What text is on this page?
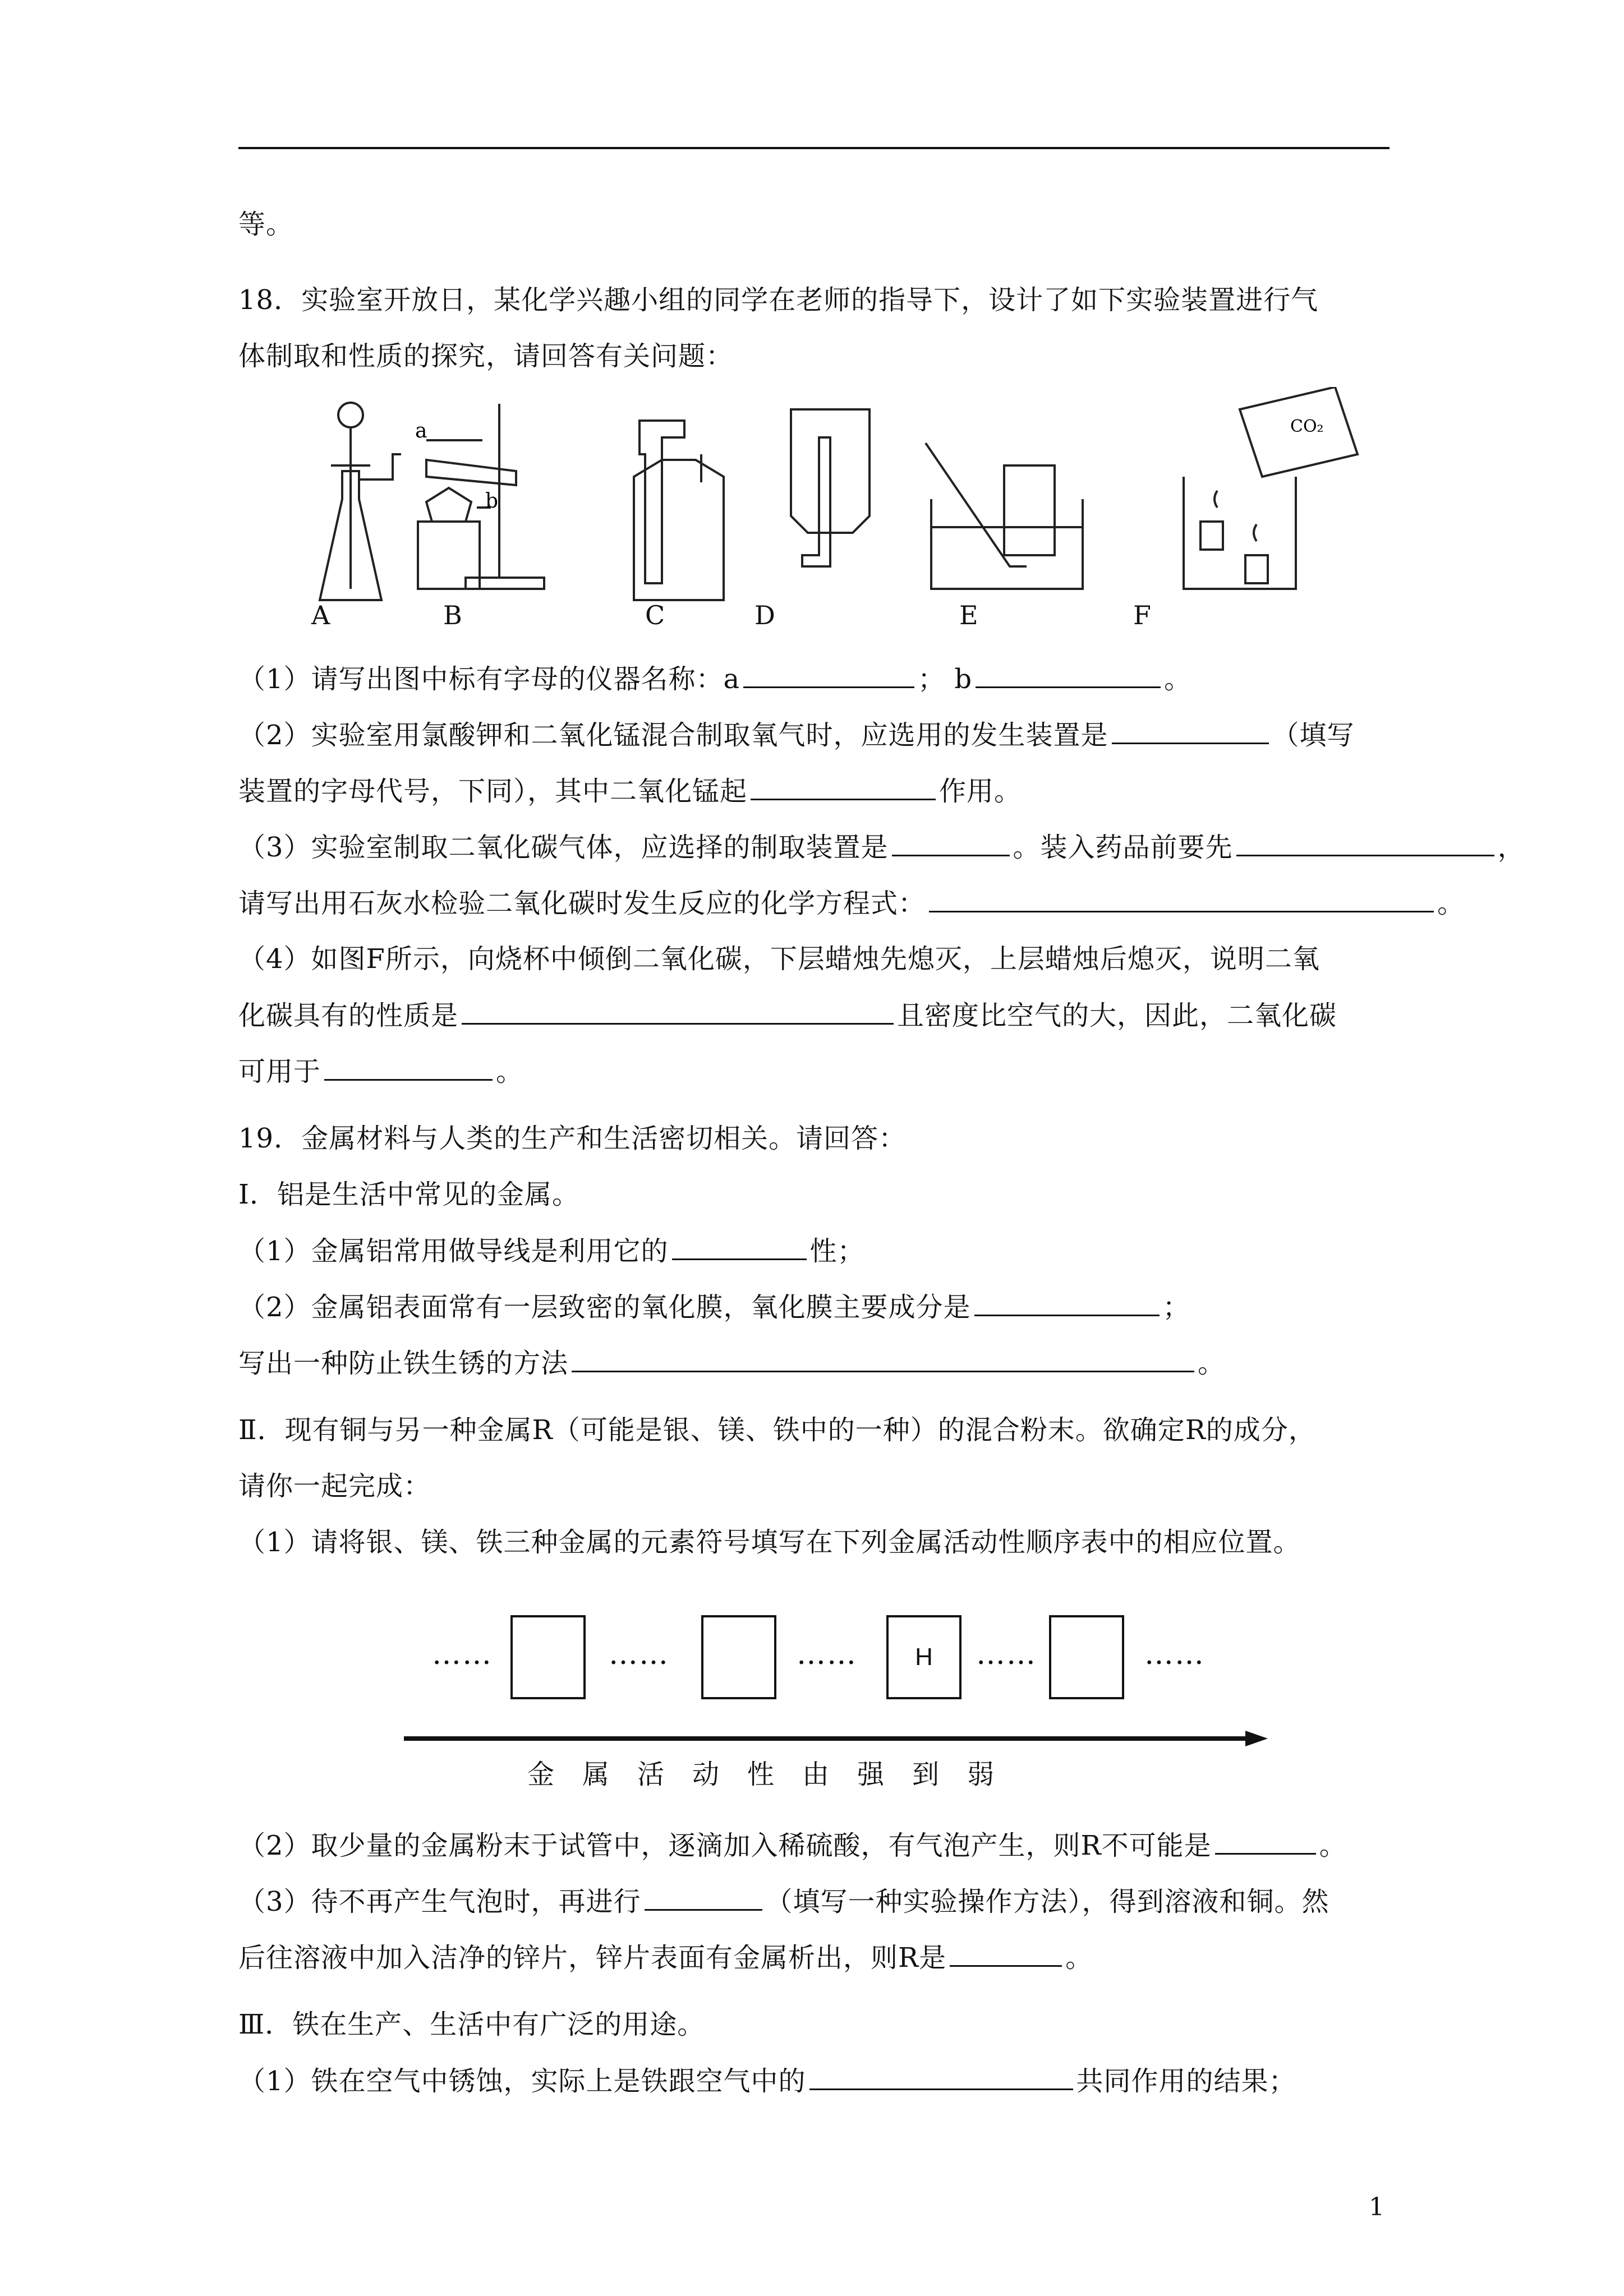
等。
18．实验室开放日，某化学兴趣小组的同学在老师的指导下，设计了如下实验装置进行气
体制取和性质的探究，请回答有关问题：
a
b
CO₂
A	B	C	D	E	F
（1）请写出图中标有字母的仪器名称：a	； b	。
（2）实验室用氯酸钾和二氧化锰混合制取氧气时，应选用的发生装置是	（填写
装置的字母代号，下同），其中二氧化锰起	作用。
（3）实验室制取二氧化碳气体，应选择的制取装置是	。装入药品前要先	，
请写出用石灰水检验二氧化碳时发生反应的化学方程式：	。
（4）如图F所示，向烧杯中倾倒二氧化碳，下层蜡烛先熄灭，上层蜡烛后熄灭，说明二氧
化碳具有的性质是	且密度比空气的大，因此，二氧化碳
可用于	。
19．金属材料与人类的生产和生活密切相关。请回答：
Ⅰ．铝是生活中常见的金属。
（1）金属铝常用做导线是利用它的	性；
（2）金属铝表面常有一层致密的氧化膜，氧化膜主要成分是	；
写出一种防止铁生锈的方法	。
Ⅱ．现有铜与另一种金属R（可能是银、镁、铁中的一种）的混合粉末。欲确定R的成分，
请你一起完成：
（1）请将银、镁、铁三种金属的元素符号填写在下列金属活动性顺序表中的相应位置。
……	……	……	H	……	……
金属活动性由强到弱
（2）取少量的金属粉末于试管中，逐滴加入稀硫酸，有气泡产生，则R不可能是	。
（3）待不再产生气泡时，再进行	（填写一种实验操作方法），得到溶液和铜。然
后往溶液中加入洁净的锌片，锌片表面有金属析出，则R是	。
Ⅲ．铁在生产、生活中有广泛的用途。
（1）铁在空气中锈蚀，实际上是铁跟空气中的	共同作用的结果；
1
